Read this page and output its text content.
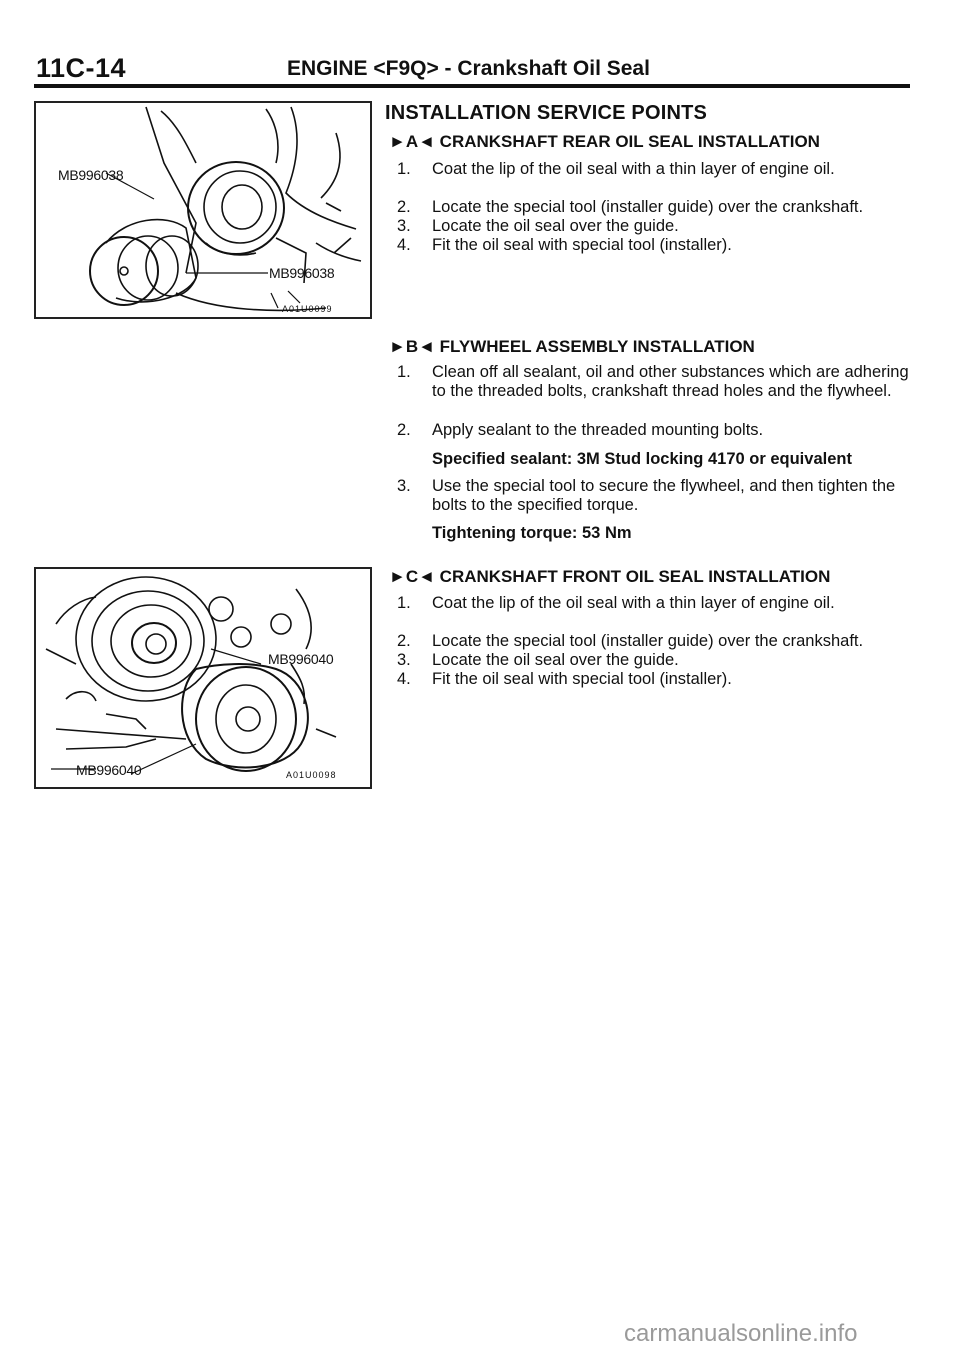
11C-14	ENGINE <F9Q> - Crankshaft Oil Seal
MB996038
MB996038
A01U0099
MB996040
MB996040	A01U0098
INSTALLATION SERVICE POINTS
►A◄ CRANKSHAFT REAR OIL SEAL INSTALLATION
1. Coat the lip of the oil seal with a thin layer of engine oil.
2. Locate the special tool (installer guide) over the crankshaft.
3. Locate the oil seal over the guide.
4. Fit the oil seal with special tool (installer).
►B◄ FLYWHEEL ASSEMBLY INSTALLATION
1. Clean off all sealant, oil and other substances which are adhering to the threaded bolts, crankshaft thread holes and the flywheel.
2. Apply sealant to the threaded mounting bolts.
Specified sealant: 3M Stud locking 4170 or equivalent
3. Use the special tool to secure the flywheel, and then tighten the bolts to the specified torque.
Tightening torque: 53 Nm
►C◄ CRANKSHAFT FRONT OIL SEAL INSTALLATION
1. Coat the lip of the oil seal with a thin layer of engine oil.
2. Locate the special tool (installer guide) over the crankshaft.
3. Locate the oil seal over the guide.
4. Fit the oil seal with special tool (installer).
carmanualsonline.info
